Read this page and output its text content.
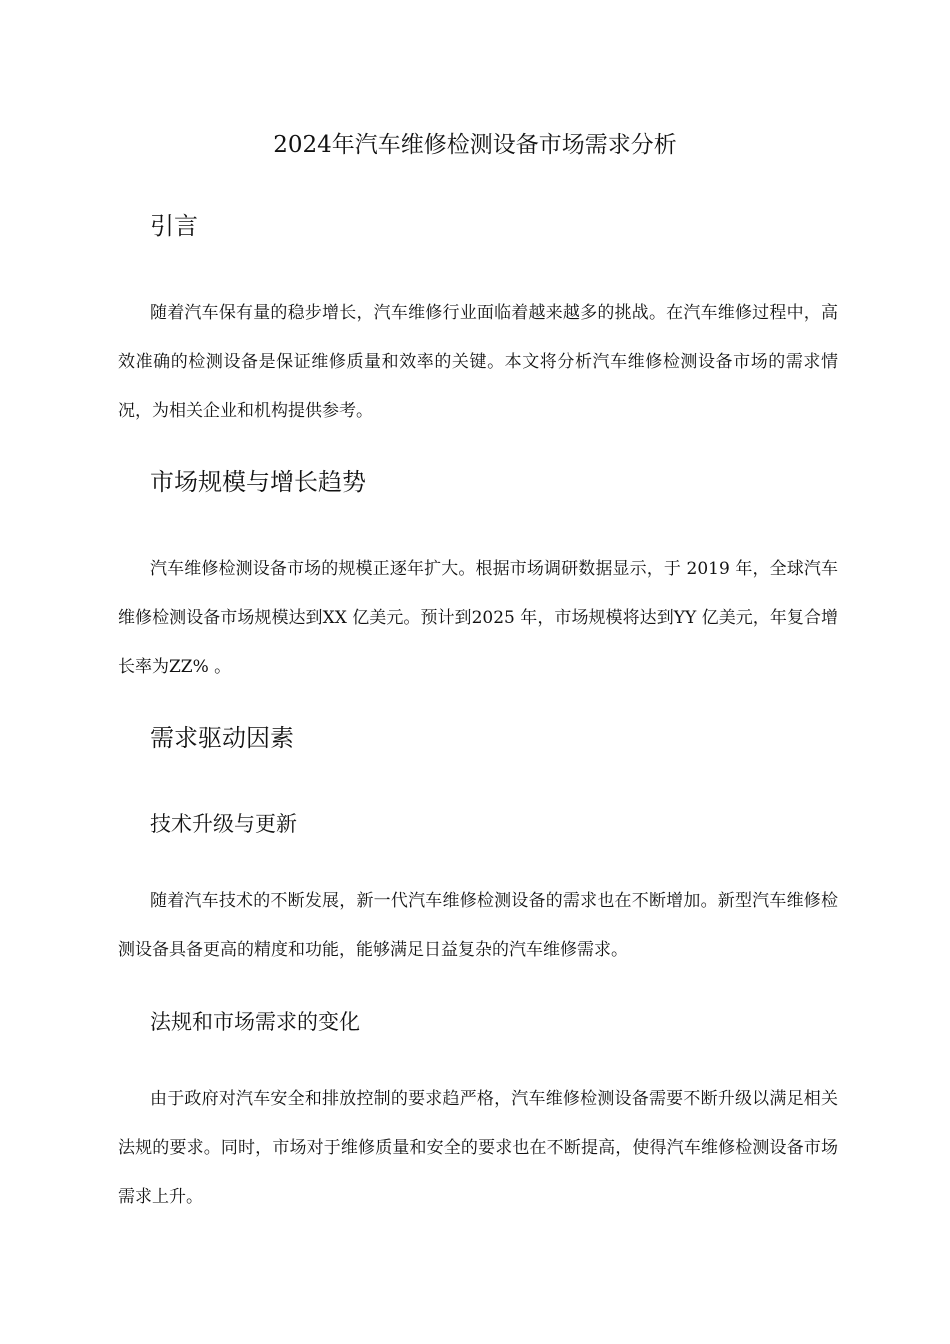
2024年汽车维修检测设备市场需求分析
引言

随着汽车保有量的稳步增长，汽车维修行业面临着越来越多的挑战。在汽车维修过程中，高效准确的检测设备是保证维修质量和效率的关键。本文将分析汽车维修检测设备市场的需求情况，为相关企业和机构提供参考。

市场规模与增长趋势

汽车维修检测设备市场的规模正逐年扩大。根据市场调研数据显示，于 2019 年，全球汽车维修检测设备市场规模达到XX 亿美元。预计到2025 年，市场规模将达到YY 亿美元，年复合增长率为ZZ% 。

需求驱动因素
技术升级与更新

随着汽车技术的不断发展，新一代汽车维修检测设备的需求也在不断增加。新型汽车维修检测设备具备更高的精度和功能，能够满足日益复杂的汽车维修需求。

法规和市场需求的变化

由于政府对汽车安全和排放控制的要求趋严格，汽车维修检测设备需要不断升级以满足相关法规的要求。同时，市场对于维修质量和安全的要求也在不断提高，使得汽车维修检测设备市场需求上升。
